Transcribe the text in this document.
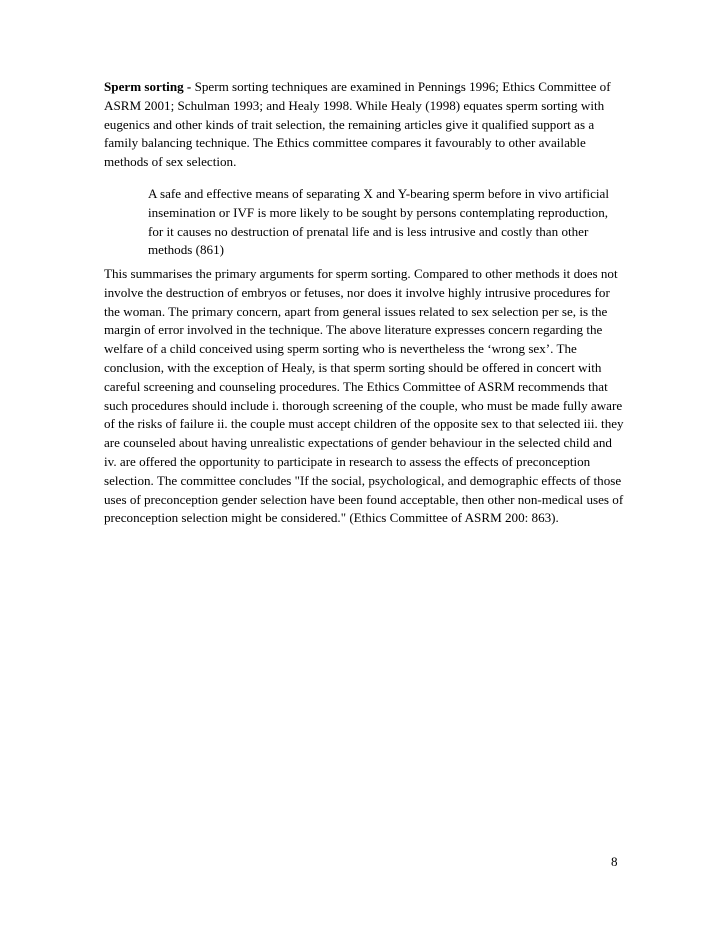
Sperm sorting - Sperm sorting techniques are examined in Pennings 1996; Ethics Committee of ASRM 2001; Schulman 1993; and Healy 1998. While Healy (1998) equates sperm sorting with eugenics and other kinds of trait selection, the remaining articles give it qualified support as a family balancing technique. The Ethics committee compares it favourably to other available methods of sex selection.

A safe and effective means of separating X and Y-bearing sperm before in vivo artificial insemination or IVF is more likely to be sought by persons contemplating reproduction, for it causes no destruction of prenatal life and is less intrusive and costly than other methods (861)

This summarises the primary arguments for sperm sorting. Compared to other methods it does not involve the destruction of embryos or fetuses, nor does it involve highly intrusive procedures for the woman. The primary concern, apart from general issues related to sex selection per se, is the margin of error involved in the technique. The above literature expresses concern regarding the welfare of a child conceived using sperm sorting who is nevertheless the ‘wrong sex’. The conclusion, with the exception of Healy, is that sperm sorting should be offered in concert with careful screening and counseling procedures. The Ethics Committee of ASRM recommends that such procedures should include i. thorough screening of the couple, who must be made fully aware of the risks of failure ii. the couple must accept children of the opposite sex to that selected iii. they are counseled about having unrealistic expectations of gender behaviour in the selected child and iv. are offered the opportunity to participate in research to assess the effects of preconception selection. The committee concludes "If the social, psychological, and demographic effects of those uses of preconception gender selection have been found acceptable, then other non-medical uses of preconception selection might be considered." (Ethics Committee of ASRM 200: 863).

8
